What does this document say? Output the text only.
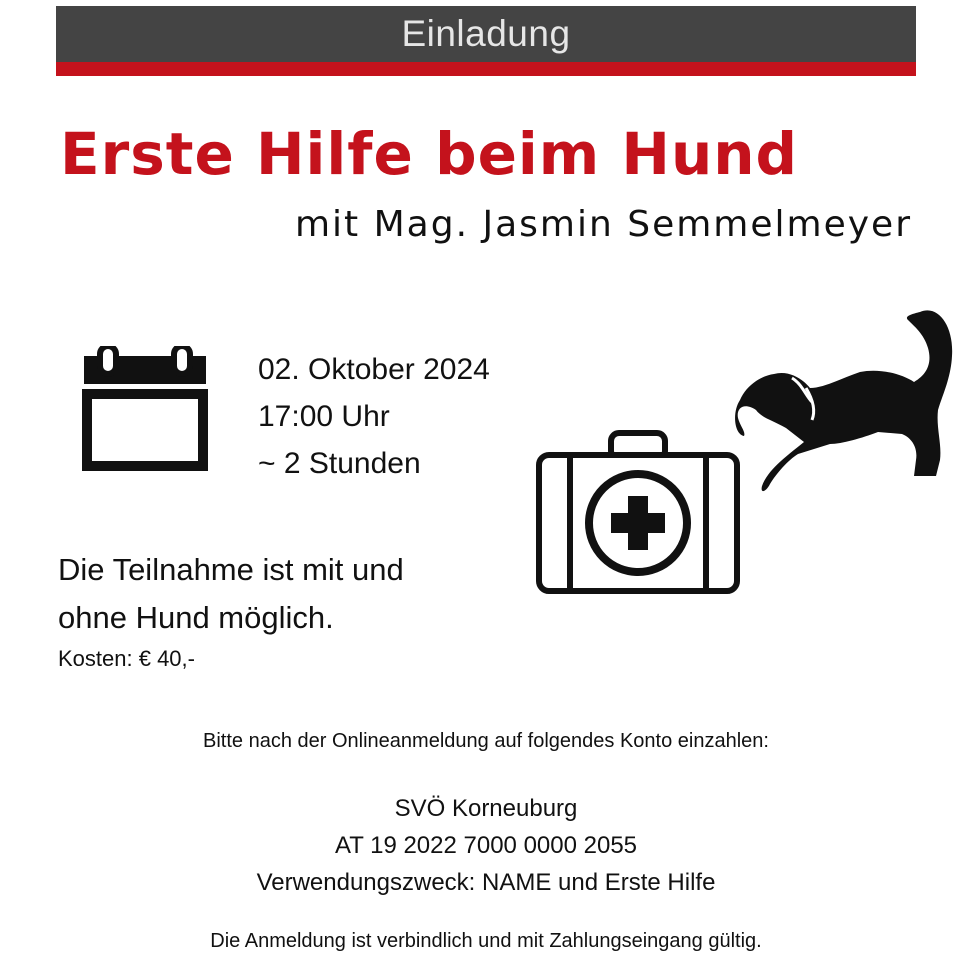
Einladung
Erste Hilfe beim Hund
mit Mag. Jasmin Semmelmeyer
02. Oktober 2024
17:00 Uhr
~ 2 Stunden
Die Teilnahme ist mit und
ohne Hund möglich.
Kosten: € 40,-
Bitte nach der Onlineanmeldung auf folgendes Konto einzahlen:
SVÖ Korneuburg
AT 19 2022 7000 0000 2055
Verwendungszweck: NAME und Erste Hilfe
Die Anmeldung ist verbindlich und mit Zahlungseingang gültig.
